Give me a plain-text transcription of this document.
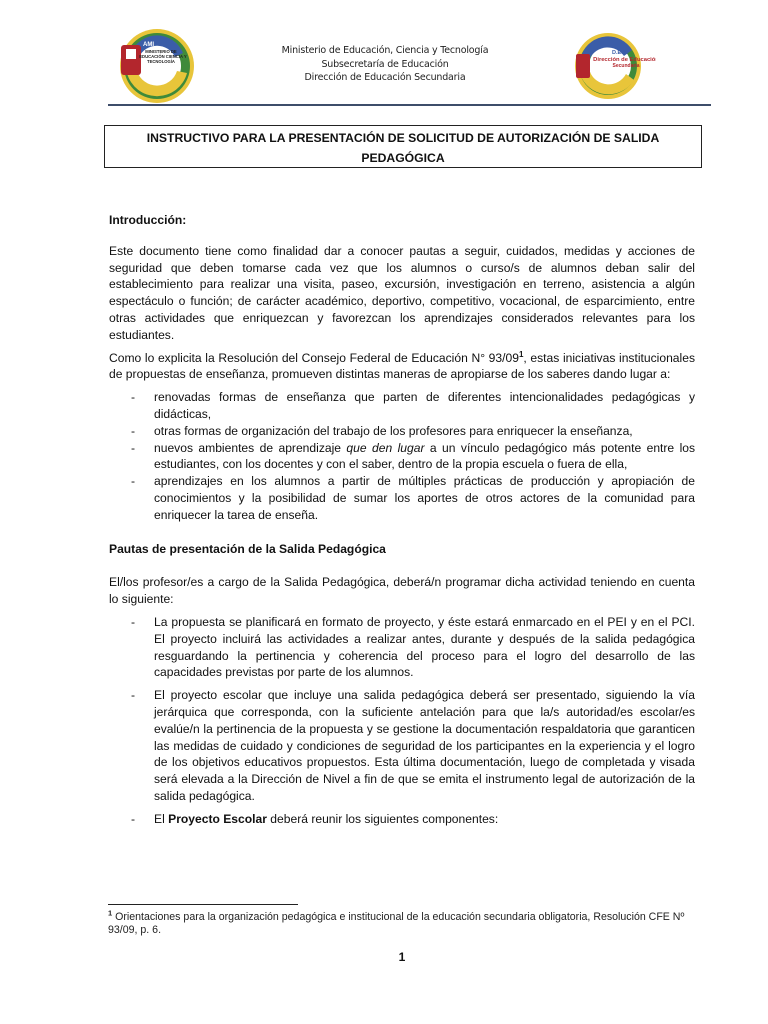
AMI
MINISTERIO DE
EDUCACIÓN CIENCIA Y
TECNOLOGÍA
Ministerio de Educación, Ciencia y Tecnología
Subsecretaría de Educación
Dirección de Educación Secundaria
D.E.S.
Dirección de Educación
Secundaria
INSTRUCTIVO PARA LA PRESENTACIÓN DE SOLICITUD DE AUTORIZACIÓN DE SALIDA
PEDAGÓGICA

Introducción:

Este documento tiene como finalidad dar a conocer pautas a seguir, cuidados, medidas y acciones de seguridad que deben tomarse cada vez que los alumnos o curso/s de alumnos deban salir del establecimiento para realizar una visita, paseo, excursión, investigación en terreno, asistencia a algún espectáculo o función; de carácter académico, deportivo, competitivo, vocacional, de esparcimiento, entre otras actividades que enriquezcan y favorezcan los aprendizajes considerados relevantes para los estudiantes.

Como lo explicita la Resolución del Consejo Federal de Educación N° $93/09^1$, estas iniciativas institucionales de propuestas de enseñanza, promueven distintas maneras de apropiarse de los saberes dando lugar a:

- renovadas formas de enseñanza que parten de diferentes intencionalidades pedagógicas y didácticas,
- otras formas de organización del trabajo de los profesores para enriquecer la enseñanza,
- nuevos ambientes de aprendizaje que den lugar a un vínculo pedagógico más potente entre los estudiantes, con los docentes y con el saber, dentro de la propia escuela o fuera de ella,
- aprendizajes en los alumnos a partir de múltiples prácticas de producción y apropiación de conocimientos y la posibilidad de sumar los aportes de otros actores de la comunidad para enriquecer la tarea de enseña.

Pautas de presentación de la Salida Pedagógica

El/los profesor/es a cargo de la Salida Pedagógica, deberá/n programar dicha actividad teniendo en cuenta lo siguiente:

- La propuesta se planificará en formato de proyecto, y éste estará enmarcado en el PEI y en el PCI. El proyecto incluirá las actividades a realizar antes, durante y después de la salida pedagógica resguardando la pertinencia y coherencia del proceso para el logro del desarrollo de las capacidades previstas por parte de los alumnos.
- El proyecto escolar que incluye una salida pedagógica deberá ser presentado, siguiendo la vía jerárquica que corresponda, con la suficiente antelación para que la/s autoridad/es escolar/es evalúe/n la pertinencia de la propuesta y se gestione la documentación respaldatoria que garanticen las medidas de cuidado y condiciones de seguridad de los participantes en la experiencia y el logro de los objetivos educativos propuestos. Esta última documentación, luego de completada y visada será elevada a la Dirección de Nivel a fin de que se emita el instrumento legal de autorización de la salida pedagógica.
- El Proyecto Escolar deberá reunir los siguientes componentes:
$^1$ Orientaciones para la organización pedagógica e institucional de la educación secundaria obligatoria, Resolución CFE Nº 93/09, p. 6.
1
